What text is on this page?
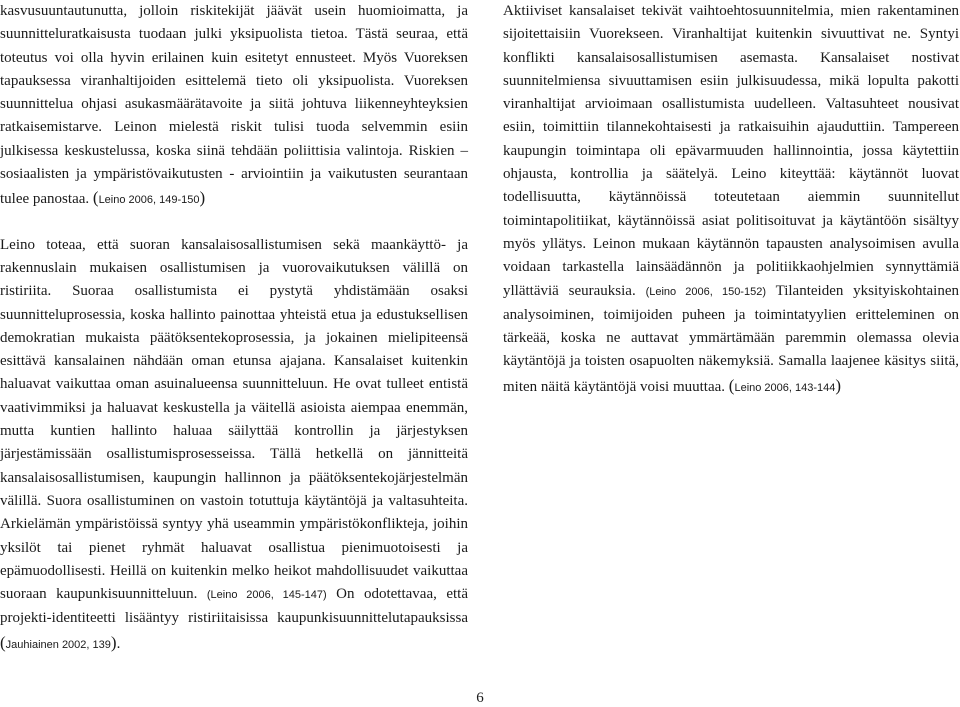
kasvusuuntautunutta, jolloin riskitekijät jäävät usein huomioimatta, ja suunnitteluratkaisusta tuodaan julki yksipuolista tietoa. Tästä seuraa, että toteutus voi olla hyvin erilainen kuin esitetyt ennusteet. Myös Vuoreksen tapauksessa viranhaltijoiden esittelemä tieto oli yksipuolista. Vuoreksen suunnittelua ohjasi asukasmäärätavoite ja siitä johtuva liikenneyhteyksien ratkaisemistarve. Leinon mielestä riskit tulisi tuoda selvemmin esiin julkisessa keskustelussa, koska siinä tehdään poliittisia valintoja. Riskien – sosiaalisten ja ympäristövaikutusten - arviointiin ja vaikutusten seurantaan tulee panostaa. (Leino 2006, 149-150)

Leino toteaa, että suoran kansalaisosallistumisen sekä maankäyttö- ja rakennuslain mukaisen osallistumisen ja vuorovaikutuksen välillä on ristiriita. Suoraa osallistumista ei pystytä yhdistämään osaksi suunnitteluprosessia, koska hallinto painottaa yhteistä etua ja edustuksellisen demokratian mukaista päätöksentekoprosessia, ja jokainen mielipiteensä esittävä kansalainen nähdään oman etunsa ajajana. Kansalaiset kuitenkin haluavat vaikuttaa oman asuinalueensa suunnitteluun. He ovat tulleet entistä vaativimmiksi ja haluavat keskustella ja väitellä asioista aiempaa enemmän, mutta kuntien hallinto haluaa säilyttää kontrollin ja järjestyksen järjestämissään osallistumisprosesseissa. Tällä hetkellä on jännitteitä kansalaisosallistumisen, kaupungin hallinnon ja päätöksentekojärjestelmän välillä. Suora osallistuminen on vastoin totuttuja käytäntöjä ja valtasuhteita. Arkielämän ympäristöissä syntyy yhä useammin ympäristökonflikteja, joihin yksilöt tai pienet ryhmät haluavat osallistua pienimuotoisesti ja epämuodollisesti. Heillä on kuitenkin melko heikot mahdollisuudet vaikuttaa suoraan kaupunkisuunnitteluun. (Leino 2006, 145-147) On odotettavaa, että projekti-identiteetti lisääntyy ristiriitaisissa kaupunkisuunnittelutapauksissa (Jauhiainen 2002, 139).

Aktiiviset kansalaiset tekivät vaihtoehtosuunnitelmia, mien rakentaminen sijoitettaisiin Vuorekseen. Viranhaltijat kuitenkin sivuuttivat ne. Syntyi konflikti kansalaisosallistumisen asemasta. Kansalaiset nostivat suunnitelmiensa sivuuttamisen esiin julkisuudessa, mikä lopulta pakotti viranhaltijat arvioimaan osallistumista uudelleen. Valtasuhteet nousivat esiin, toimittiin tilannekohtaisesti ja ratkaisuihin ajauduttiin. Tampereen kaupungin toimintapa oli epävarmuuden hallinnointia, jossa käytettiin ohjausta, kontrollia ja säätelyä. Leino kiteyttää: käytännöt luovat todellisuutta, käytännöissä toteutetaan aiemmin suunnitellut toimintapolitiikat, käytännöissä asiat politisoituvat ja käytäntöön sisältyy myös yllätys. Leinon mukaan käytännön tapausten analysoimisen avulla voidaan tarkastella lainsäädännön ja politiikkaohjelmien synnyttämiä yllättäviä seurauksia. (Leino 2006, 150-152) Tilanteiden yksityiskohtainen analysoiminen, toimijoiden puheen ja toimintatyylien eritteleminen on tärkeää, koska ne auttavat ymmärtämään paremmin olemassa olevia käytäntöjä ja toisten osapuolten näkemyksiä. Samalla laajenee käsitys siitä, miten näitä käytäntöjä voisi muuttaa. (Leino 2006, 143-144)

6
